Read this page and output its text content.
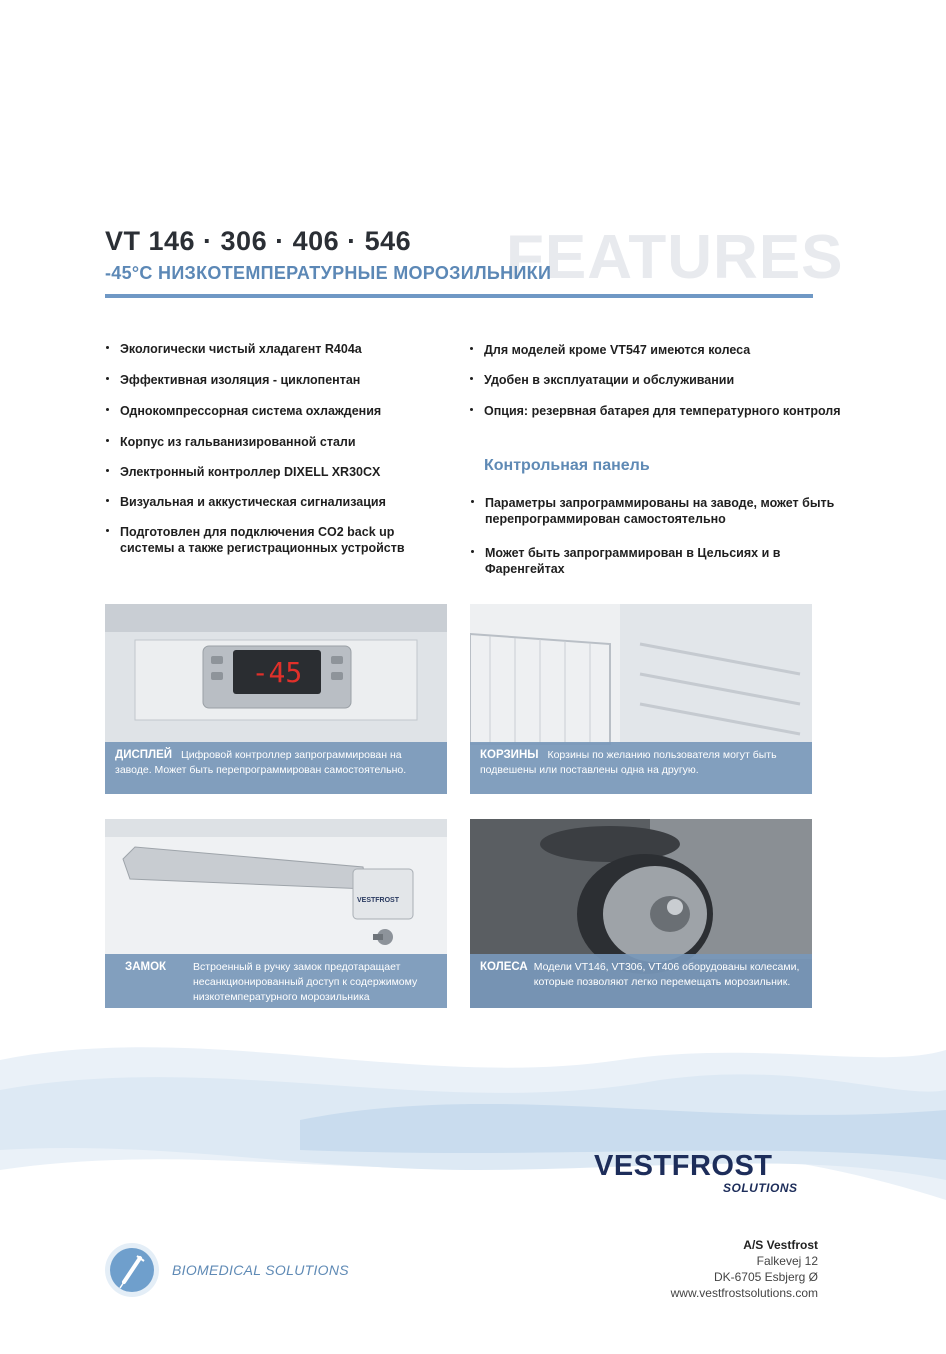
FEATURES
VT 146 · 306 · 406 · 546
-45°C НИЗКОТЕМПЕРАТУРНЫЕ МОРОЗИЛЬНИКИ
Экологически чистый хладагент R404a
Эффективная изоляция - циклопентан
Однокомпрессорная система охлаждения
Корпус из гальванизированной стали
Электронный контроллер DIXELL XR30CX
Визуальная и аккустическая сигнализация
Подготовлен для подключения CO2 back up системы а также регистрационных устройств
Для моделей кроме VT547 имеются колеса
Удобен в эксплуатации и обслуживании
Опция: резервная батарея для температурного контроля
Контрольная панель
Параметры запрограммированы на заводе, может быть перепрограммирован самостоятельно
Может быть запрограммирован в Цельсиях и в Фаренгейтах
-45
ДИСПЛЕЙ Цифровой контроллер запрограммирован на заводе. Может быть перепрограммирован самостоятельно.
КОРЗИНЫ Корзины по желанию пользователя могут быть подвешены или поставлены одна на другую.
VESTFROST
ЗАМОК	Встроенный в ручку замок предотаращает несанкционированный доступ к содержимому низкотемпературного морозильника
КОЛЕСА Модели VT146, VT306, VT406 оборудованы колесами, которые позволяют легко перемещать морозильник.
VESTFROST
SOLUTIONS
BIOMEDICAL SOLUTIONS
A/S Vestfrost
Falkevej 12
DK-6705 Esbjerg Ø
www.vestfrostsolutions.com
